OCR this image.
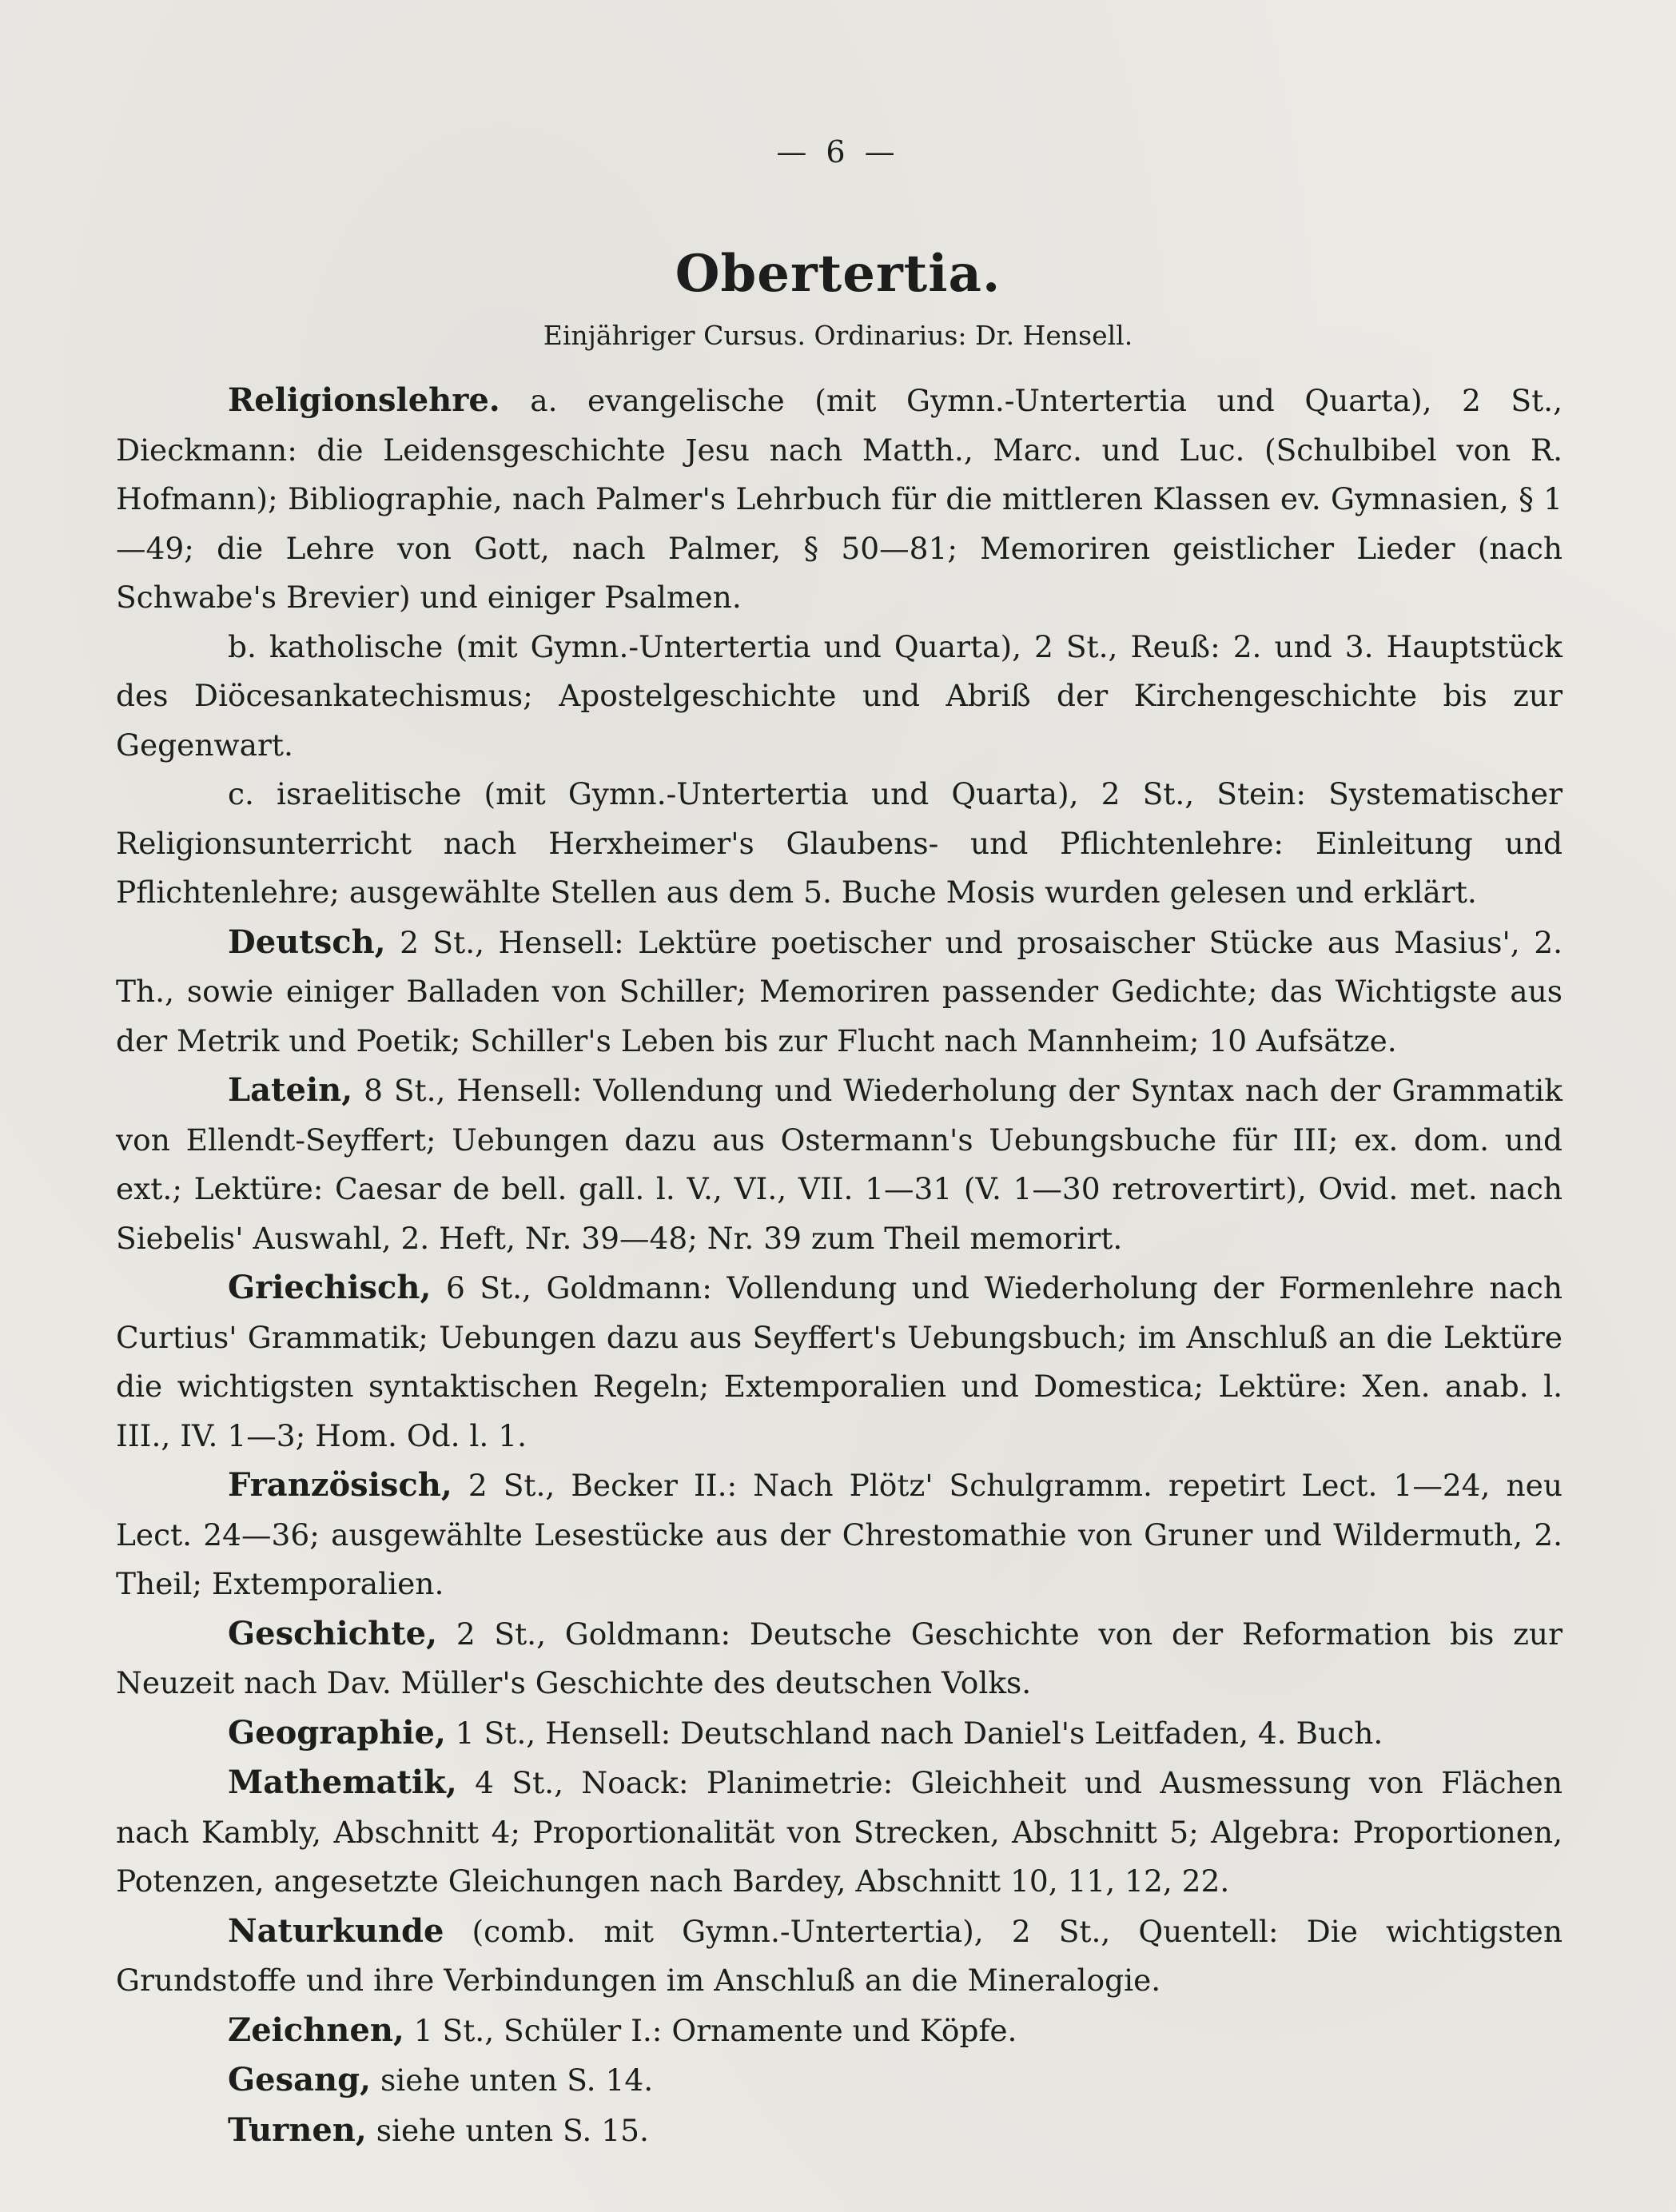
— 6 —
Obertertia.
Einjähriger Cursus. Ordinarius: Dr. Hensell.

Religionslehre. a. evangelische (mit Gymn.-Untertertia und Quarta), 2 St., Dieckmann: die Leidensgeschichte Jesu nach Matth., Marc. und Luc. (Schulbibel von R. Hofmann); Bibliographie, nach Palmer's Lehrbuch für die mittleren Klassen ev. Gymnasien, § 1—49; die Lehre von Gott, nach Palmer, § 50—81; Memoriren geistlicher Lieder (nach Schwabe's Brevier) und einiger Psalmen.

b. katholische (mit Gymn.-Untertertia und Quarta), 2 St., Reuß: 2. und 3. Hauptstück des Diöcesankatechismus; Apostelgeschichte und Abriß der Kirchengeschichte bis zur Gegenwart.

c. israelitische (mit Gymn.-Untertertia und Quarta), 2 St., Stein: Systematischer Religionsunterricht nach Herxheimer's Glaubens- und Pflichtenlehre: Einleitung und Pflichtenlehre; ausgewählte Stellen aus dem 5. Buche Mosis wurden gelesen und erklärt.

Deutsch, 2 St., Hensell: Lektüre poetischer und prosaischer Stücke aus Masius', 2. Th., sowie einiger Balladen von Schiller; Memoriren passender Gedichte; das Wichtigste aus der Metrik und Poetik; Schiller's Leben bis zur Flucht nach Mannheim; 10 Aufsätze.

Latein, 8 St., Hensell: Vollendung und Wiederholung der Syntax nach der Grammatik von Ellendt-Seyffert; Uebungen dazu aus Ostermann's Uebungsbuche für III; ex. dom. und ext.; Lektüre: Caesar de bell. gall. l. V., VI., VII. 1—31 (V. 1—30 retrovertirt), Ovid. met. nach Siebelis' Auswahl, 2. Heft, Nr. 39—48; Nr. 39 zum Theil memorirt.

Griechisch, 6 St., Goldmann: Vollendung und Wiederholung der Formenlehre nach Curtius' Grammatik; Uebungen dazu aus Seyffert's Uebungsbuch; im Anschluß an die Lektüre die wichtigsten syntaktischen Regeln; Extemporalien und Domestica; Lektüre: Xen. anab. l. III., IV. 1—3; Hom. Od. l. 1.

Französisch, 2 St., Becker II.: Nach Plötz' Schulgramm. repetirt Lect. 1—24, neu Lect. 24—36; ausgewählte Lesestücke aus der Chrestomathie von Gruner und Wildermuth, 2. Theil; Extemporalien.

Geschichte, 2 St., Goldmann: Deutsche Geschichte von der Reformation bis zur Neuzeit nach Dav. Müller's Geschichte des deutschen Volks.

Geographie, 1 St., Hensell: Deutschland nach Daniel's Leitfaden, 4. Buch.

Mathematik, 4 St., Noack: Planimetrie: Gleichheit und Ausmessung von Flächen nach Kambly, Abschnitt 4; Proportionalität von Strecken, Abschnitt 5; Algebra: Proportionen, Potenzen, angesetzte Gleichungen nach Bardey, Abschnitt 10, 11, 12, 22.

Naturkunde (comb. mit Gymn.-Untertertia), 2 St., Quentell: Die wichtigsten Grundstoffe und ihre Verbindungen im Anschluß an die Mineralogie.

Zeichnen, 1 St., Schüler I.: Ornamente und Köpfe.

Gesang, siehe unten S. 14.

Turnen, siehe unten S. 15.
